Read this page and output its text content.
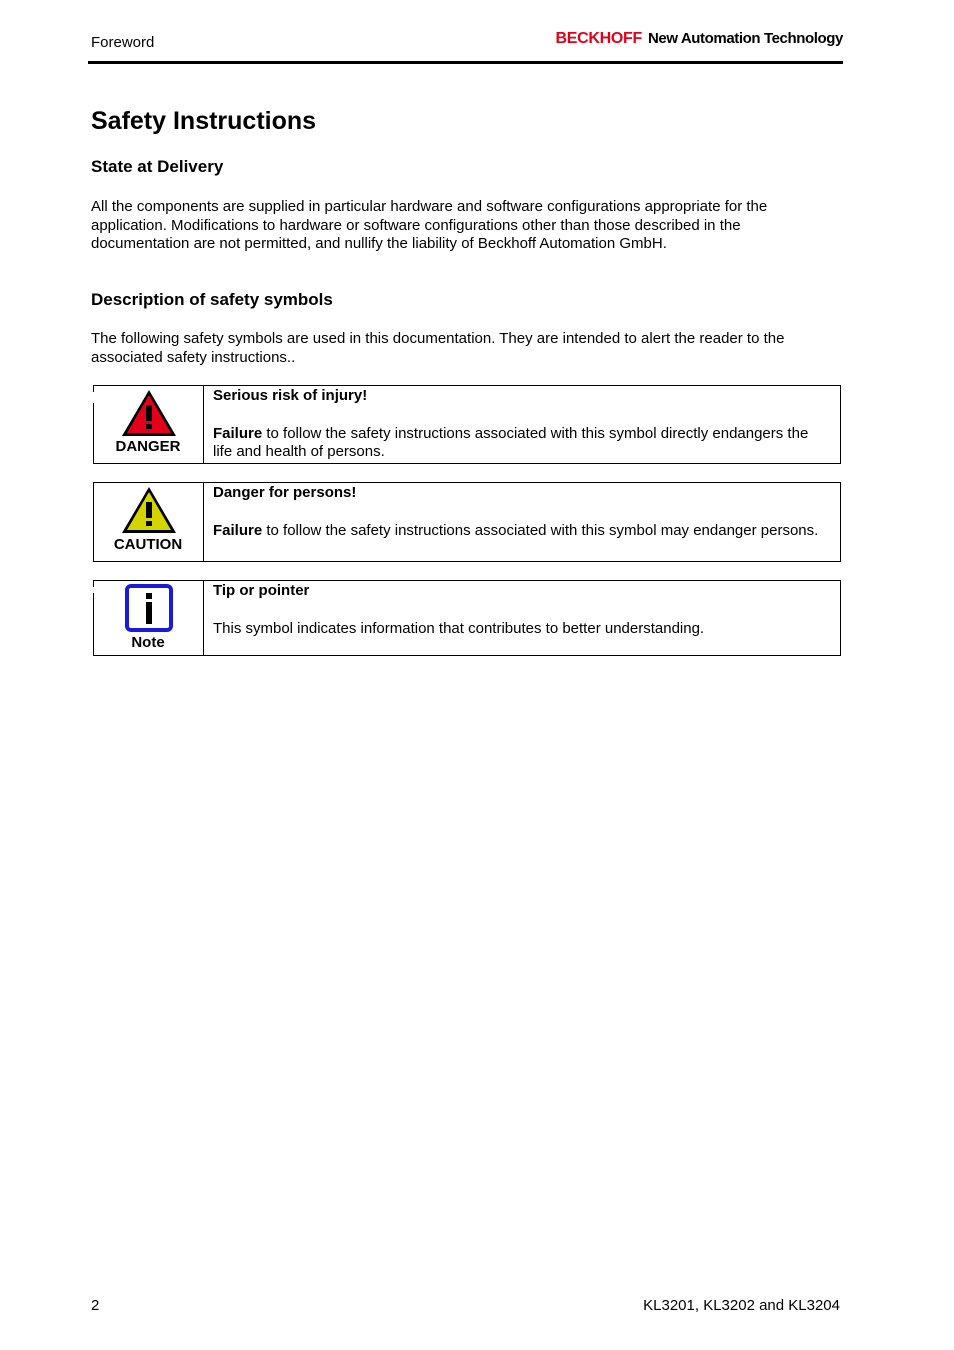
Foreword	BECKHOFF New Automation Technology
Safety Instructions
State at Delivery
All the components are supplied in particular hardware and software configurations appropriate for the application. Modifications to hardware or software configurations other than those described in the documentation are not permitted, and nullify the liability of Beckhoff Automation GmbH.
Description of safety symbols
The following safety symbols are used in this documentation. They are intended to alert the reader to the associated safety instructions..
DANGER
Serious risk of injury!
Failure to follow the safety instructions associated with this symbol directly endangers the life and health of persons.
CAUTION
Danger for persons!
Failure to follow the safety instructions associated with this symbol may endanger persons.
Note
Tip or pointer
This symbol indicates information that contributes to better understanding.
2	KL3201, KL3202 and KL3204
